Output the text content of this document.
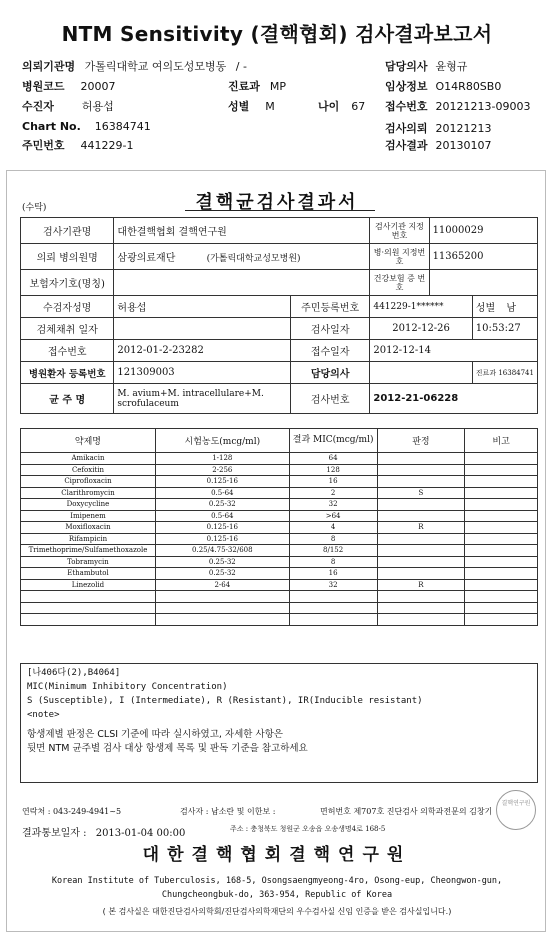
NTM Sensitivity (결핵협회) 검사결과보고서
의뢰기관명 가톨릭대학교 여의도성모병동 / -	담당의사 윤형규
병원코드 20007	진료과 MP	임상정보 O14R80SB0
수진자	허용섭	성별 M	나이 67 접수번호 20121213-09003
Chart No. 16384741	검사의뢰 20121213
주민번호 441229-1	검사결과 20130107
(수탁)	결핵균검사결과서
검사기관명	대한결핵협회 결핵연구원		검사기관 지정번호	11000029	
의뢰 병의원명	삼광의료재단 (가톨릭대학교성모병원)		병·의원 지정번호	11365200	
보험자기호(명칭)			건강보험 증 번 호		
수검자성명	허용섭	주민등록번호	441229-1******		성별 남
검체채취 일자		검사일자	2012-12-26		10:53:27
접수번호	2012-01-2-23282	접수일자	2012-12-14		
병원환자 등록번호	121309003	담당의사			진료과 16384741
균 주 명	M. avium+M. intracellulare+M. scrofulaceum	검사번호	2012-21-06228		
약제명	시험농도(mcg/ml)	결과 MIC(mcg/ml)	판정	비고
Amikacin	1-128	64		
Cefoxitin	2-256	128		
Ciprofloxacin	0.125-16	16		
Clarithromycin	0.5-64	2	S	
Doxycycline	0.25-32	32		
Imipenem	0.5-64	>64		
Moxifloxacin	0.125-16	4	R	
Rifampicin	0.125-16	8		
Trimethoprime/Sulfamethoxazole	0.25/4.75-32/608	8/152		
Tobramycin	0.25-32	8		
Ethambutol	0.25-32	16		
Linezolid	2-64	32	R	

[나406다(2),B4064]
MIC(Minimum Inhibitory Concentration)
S (Susceptible), I (Intermediate), R (Resistant), IR(Inducible resistant)
<note>
항생제별 판정은 CLSI 기준에 따라 실시하였고, 자세한 사항은
뒷면 NTM 균주별 검사 대상 항생제 목록 및 판독 기준을 참고하세요
연락처 : 043-249-4941~5	검사자 : 남소란 및 이한보 :	면허번호 제707호 진단검사 의학과전문의 김창기
결과통보일자 : 2013-01-04 00:00	주소 : 충청북도 청원군 오송읍 오송생명4로 168-5
결핵연구원
대한결핵협회결핵연구원
Korean Institute of Tuberculosis, 168-5, Osongsaengmyeong-4ro, Osong-eup, Cheongwon-gun,
Chungcheongbuk-do, 363-954, Republic of Korea
( 본 검사실은 대한진단검사의학회/진단검사의학재단의 우수검사실 신임 인증을 받은 검사실입니다.)
